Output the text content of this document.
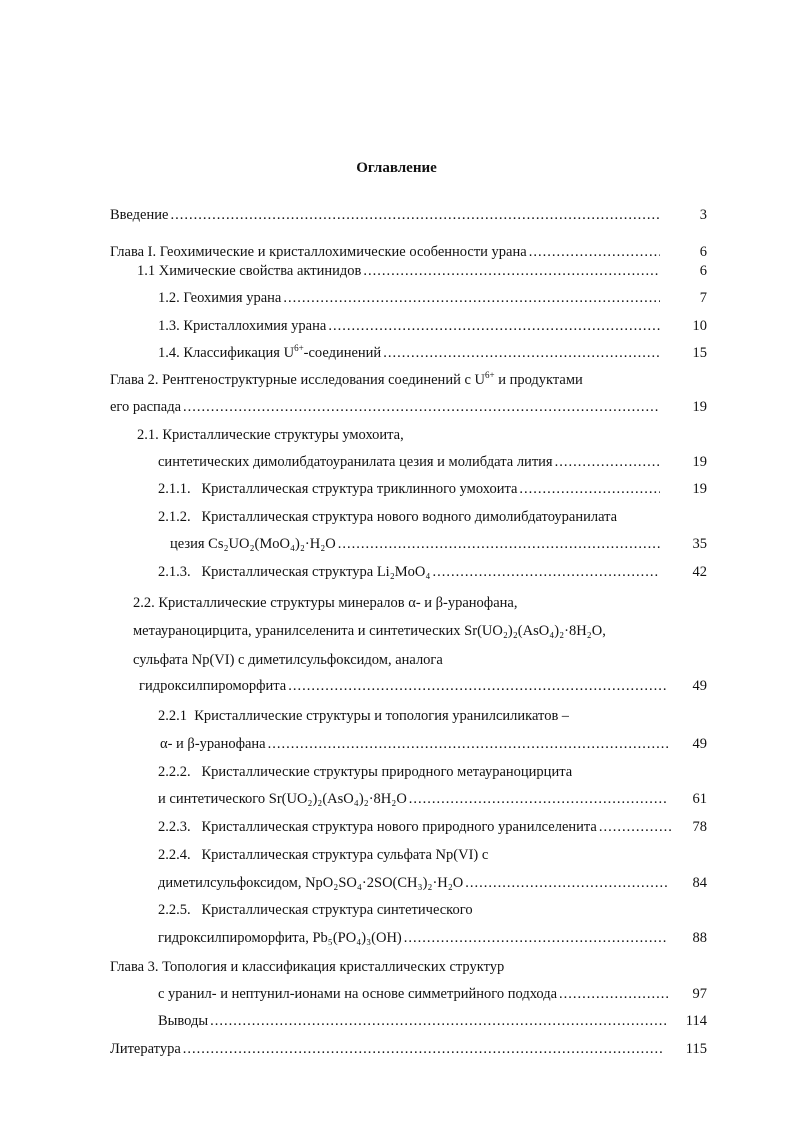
Оглавление
Введение .....	3
Глава I. Геохимические и кристаллохимические особенности урана .....	6
1.1 Химические свойства актинидов .....	6
1.2. Геохимия урана .....	7
1.3. Кристаллохимия урана .....	10
1.4. Классификация $U^{6+}$-соединений .....	15
Глава 2. Рентгеноструктурные исследования соединений с $U^{6+}$ и продуктами
его распада .....	19
2.1. Кристаллические структуры умохоита,
синтетических димолибдатоуранилата цезия и молибдата лития .....	19
2.1.1.   Кристаллическая структура триклинного умохоита .....	19
2.1.2.   Кристаллическая структура нового водного димолибдатоуранилата
цезия Cs₂UO₂(MoO₄)₂·H₂O .....	35
2.1.3.   Кристаллическая структура Li₂MoO₄ .....	42
2.2. Кристаллические структуры минералов α- и β-уранофана,
метаураноцирцита, уранилселенита и синтетических Sr(UO₂)₂(AsO₄)₂·8H₂O,
сульфата Np(VI) с диметилсульфоксидом, аналога
гидроксилпироморфита .....	49
2.2.1  Кристаллические структуры и топология уранилсиликатов –
α- и β-уранофана .....	49
2.2.2.   Кристаллические структуры природного метаураноцирцита
и синтетического Sr(UO₂)₂(AsO₄)₂·8H₂O .....	61
2.2.3.   Кристаллическая структура нового природного уранилселенита .....	78
2.2.4.   Кристаллическая структура сульфата Np(VI) с
диметилсульфоксидом, NpO₂SO₄·2SO(CH₃)₂·H₂O .....	84
2.2.5.   Кристаллическая структура синтетического
гидроксилпироморфита, Pb₅(PO₄)₃(OH) .....	88
Глава 3. Топология и классификация кристаллических структур
с уранил- и нептунил-ионами на основе симметрийного подхода .....	97
Выводы .....	114
Литература .....	115
